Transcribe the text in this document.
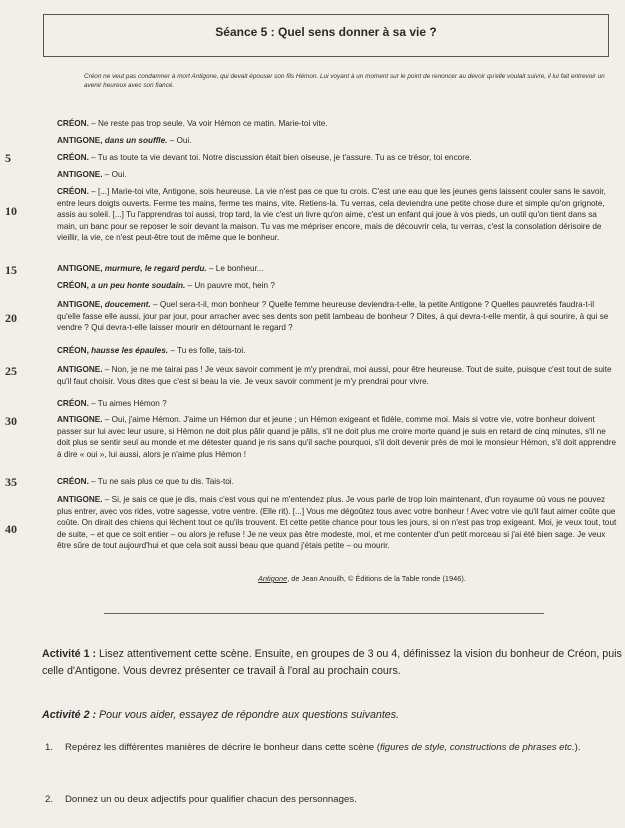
Séance 5 : Quel sens donner à sa vie ?
Créon ne veut pas condamner à mort Antigone, qui devait épouser son fils Hémon. Lui voyant à un moment sur le point de renoncer au devoir qu'elle voulait suivre, il lui fait entrevoir un avenir heureux avec son fiancé.
5
10
15
20
25
30
35
40

CRÉON. – Ne reste pas trop seule. Va voir Hémon ce matin. Marie-toi vite.

ANTIGONE, dans un souffle. – Oui.

CRÉON. – Tu as toute ta vie devant toi. Notre discussion était bien oiseuse, je t'assure. Tu as ce trésor, toi encore.

ANTIGONE. – Oui.

CRÉON. – [...] Marie-toi vite, Antigone, sois heureuse. La vie n'est pas ce que tu crois. C'est une eau que les jeunes gens laissent couler sans le savoir, entre leurs doigts ouverts. Ferme tes mains, ferme tes mains, vite. Retiens-la. Tu verras, cela deviendra une petite chose dure et simple qu'on grignote, assis au soleil. [...] Tu l'apprendras toi aussi, trop tard, la vie c'est un livre qu'on aime, c'est un enfant qui joue à vos pieds, un outil qu'on tient dans sa main, un banc pour se reposer le soir devant la maison. Tu vas me mépriser encore, mais de découvrir cela, tu verras, c'est la consolation dérisoire de vieillir, la vie, ce n'est peut-être tout de même que le bonheur.

ANTIGONE, murmure, le regard perdu. – Le bonheur...

CRÉON, a un peu honte soudain. – Un pauvre mot, hein ?

ANTIGONE, doucement. – Quel sera-t-il, mon bonheur ? Quelle femme heureuse deviendra-t-elle, la petite Antigone ? Quelles pauvretés faudra-t-il qu'elle fasse elle aussi, jour par jour, pour arracher avec ses dents son petit lambeau de bonheur ? Dites, à qui devra-t-elle mentir, à qui sourire, à qui se vendre ? Qui devra-t-elle laisser mourir en détournant le regard ?

CRÉON, hausse les épaules. – Tu es folle, tais-toi.

ANTIGONE. – Non, je ne me tairai pas ! Je veux savoir comment je m'y prendrai, moi aussi, pour être heureuse. Tout de suite, puisque c'est tout de suite qu'il faut choisir. Vous dites que c'est si beau la vie. Je veux savoir comment je m'y prendrai pour vivre.

CRÉON. – Tu aimes Hémon ?

ANTIGONE. – Oui, j'aime Hémon. J'aime un Hémon dur et jeune ; un Hémon exigeant et fidèle, comme moi. Mais si votre vie, votre bonheur doivent passer sur lui avec leur usure, si Hémon ne doit plus pâlir quand je pâlis, s'il ne doit plus me croire morte quand je suis en retard de cinq minutes, s'il ne doit plus se sentir seul au monde et me détester quand je ris sans qu'il sache pourquoi, s'il doit devenir près de moi le monsieur Hémon, s'il doit apprendre à dire « oui », lui aussi, alors je n'aime plus Hémon !

CRÉON. – Tu ne sais plus ce que tu dis. Tais-toi.

ANTIGONE. – Si, je sais ce que je dis, mais c'est vous qui ne m'entendez plus. Je vous parle de trop loin maintenant, d'un royaume où vous ne pouvez plus entrer, avec vos rides, votre sagesse, votre ventre. (Elle rit). [...] Vous me dégoûtez tous avec votre bonheur ! Avec votre vie qu'il faut aimer coûte que coûte. On dirait des chiens qui lèchent tout ce qu'ils trouvent. Et cette petite chance pour tous les jours, si on n'est pas trop exigeant. Moi, je veux tout, tout de suite, – et que ce soit entier – ou alors je refuse ! Je ne veux pas être modeste, moi, et me contenter d'un petit morceau si j'ai été bien sage. Je veux être sûre de tout aujourd'hui et que cela soit aussi beau que quand j'étais petite – ou mourir.

Antigone, de Jean Anouilh, © Éditions de la Table ronde (1946).
Activité 1 : Lisez attentivement cette scène. Ensuite, en groupes de 3 ou 4, définissez la vision du bonheur de Créon, puis celle d'Antigone. Vous devrez présenter ce travail à l'oral au prochain cours.
Activité 2 : Pour vous aider, essayez de répondre aux questions suivantes.
1.	Repérez les différentes manières de décrire le bonheur dans cette scène (figures de style, constructions de phrases etc.).
2.	Donnez un ou deux adjectifs pour qualifier chacun des personnages.
